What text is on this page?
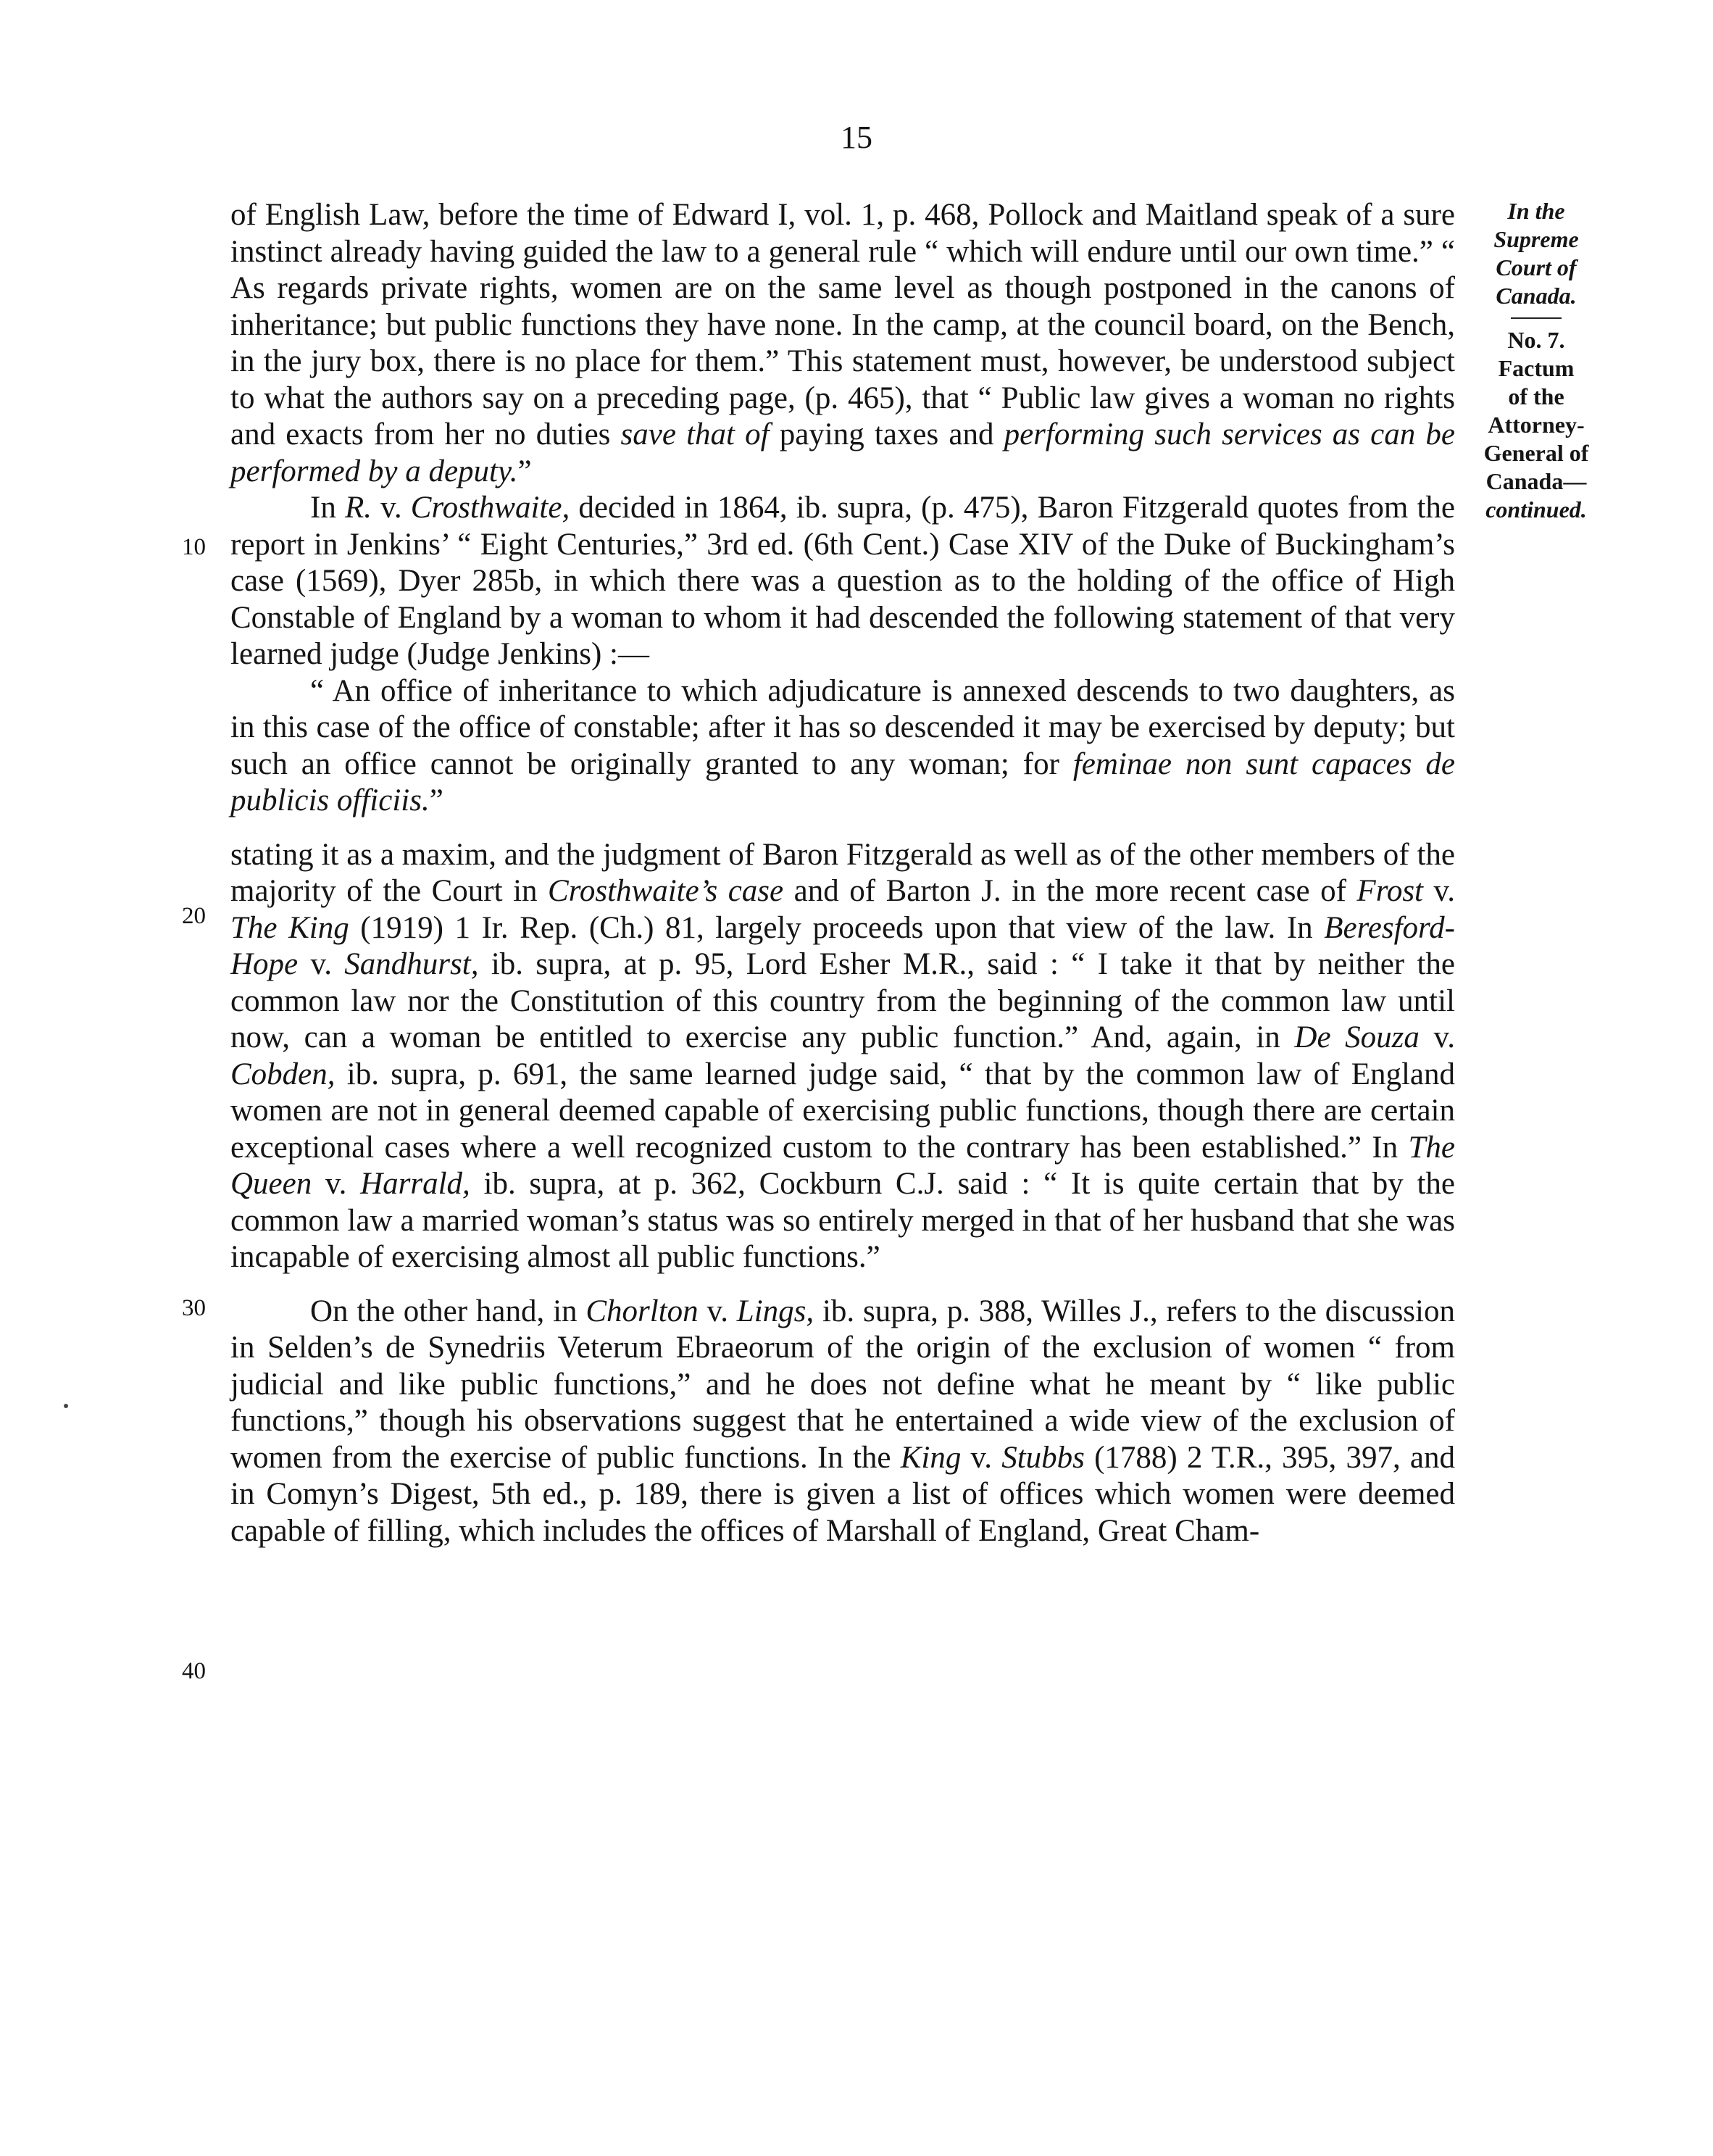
15
In the
Supreme
Court of
Canada.
No. 7.
Factum
of the
Attorney-
General of
Canada—
continued.
10
20
30
40

of English Law, before the time of Edward I, vol. 1, p. 468, Pollock and Maitland speak of a sure instinct already having guided the law to a general rule “ which will endure until our own time.” “ As regards private rights, women are on the same level as though postponed in the canons of inheritance; but public functions they have none. In the camp, at the council board, on the Bench, in the jury box, there is no place for them.” This statement must, however, be understood subject to what the authors say on a preceding page, (p. 465), that “ Public law gives a woman no rights and exacts from her no duties save that of paying taxes and performing such services as can be performed by a deputy.”

In R. v. Crosthwaite, decided in 1864, ib. supra, (p. 475), Baron Fitzgerald quotes from the report in Jenkins’ “ Eight Centuries,” 3rd ed. (6th Cent.) Case XIV of the Duke of Buckingham’s case (1569), Dyer 285b, in which there was a question as to the holding of the office of High Constable of England by a woman to whom it had descended the following statement of that very learned judge (Judge Jenkins) :—

“ An office of inheritance to which adjudicature is annexed descends to two daughters, as in this case of the office of constable; after it has so descended it may be exercised by deputy; but such an office cannot be originally granted to any woman; for feminae non sunt capaces de publicis officiis.”

stating it as a maxim, and the judgment of Baron Fitzgerald as well as of the other members of the majority of the Court in Crosthwaite’s case and of Barton J. in the more recent case of Frost v. The King (1919) 1 Ir. Rep. (Ch.) 81, largely proceeds upon that view of the law. In Beresford-Hope v. Sandhurst, ib. supra, at p. 95, Lord Esher M.R., said : “ I take it that by neither the common law nor the Constitution of this country from the beginning of the common law until now, can a woman be entitled to exercise any public function.” And, again, in De Souza v. Cobden, ib. supra, p. 691, the same learned judge said, “ that by the common law of England women are not in general deemed capable of exercising public functions, though there are certain exceptional cases where a well recognized custom to the contrary has been established.” In The Queen v. Harrald, ib. supra, at p. 362, Cockburn C.J. said : “ It is quite certain that by the common law a married woman’s status was so entirely merged in that of her husband that she was incapable of exercising almost all public functions.”

On the other hand, in Chorlton v. Lings, ib. supra, p. 388, Willes J., refers to the discussion in Selden’s de Synedriis Veterum Ebraeorum of the origin of the exclusion of women “ from judicial and like public functions,” and he does not define what he meant by “ like public functions,” though his observations suggest that he entertained a wide view of the exclusion of women from the exercise of public functions. In the King v. Stubbs (1788) 2 T.R., 395, 397, and in Comyn’s Digest, 5th ed., p. 189, there is given a list of offices which women were deemed capable of filling, which includes the offices of Marshall of England, Great Cham-
